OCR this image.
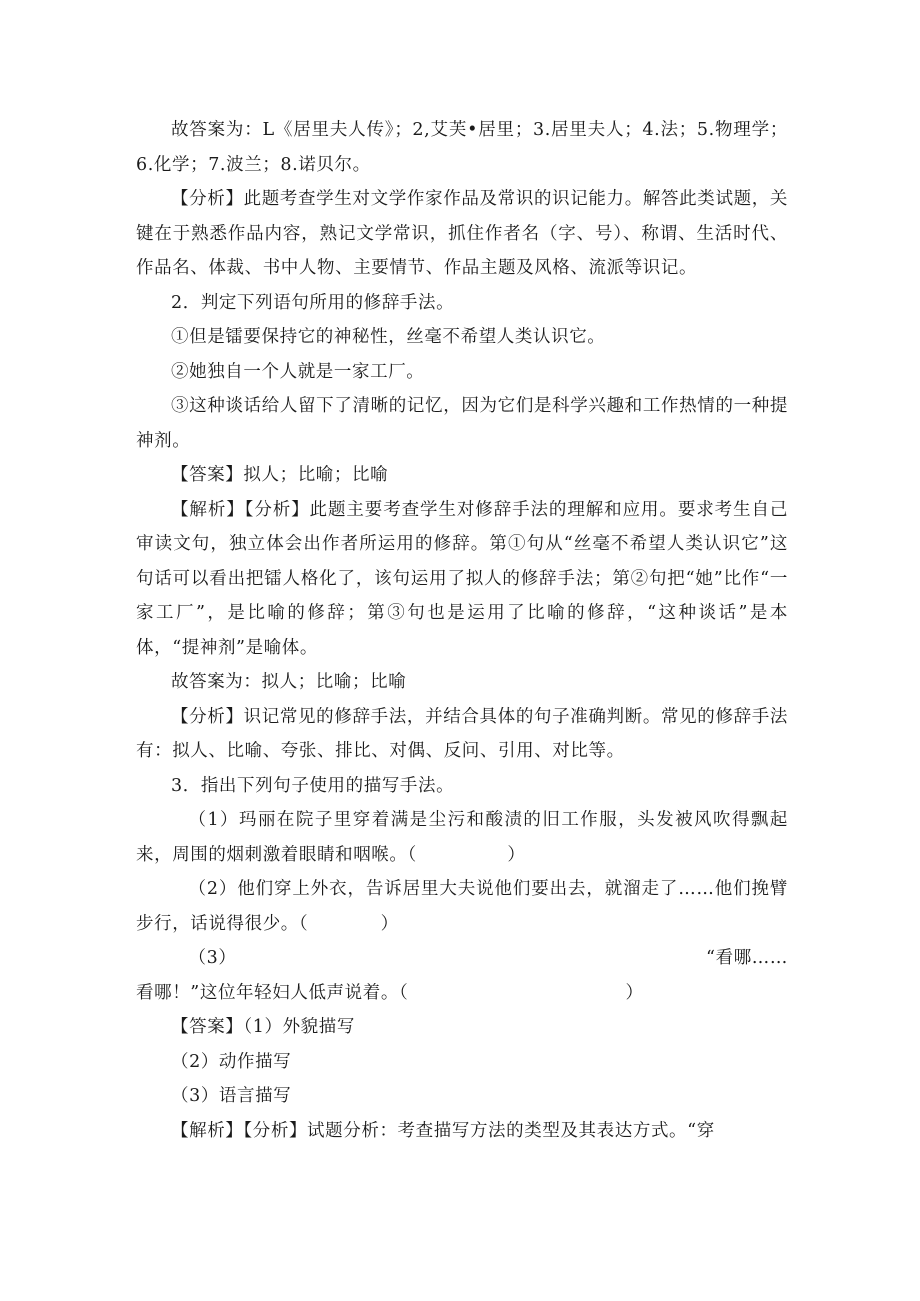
故答案为：L《居里夫人传》；2,艾芙•居里；3.居里夫人；4.法；5.物理学；6.化学；7.波兰；8.诺贝尔。

【分析】此题考查学生对文学作家作品及常识的识记能力。解答此类试题，关键在于熟悉作品内容，熟记文学常识，抓住作者名（字、号）、称谓、生活时代、作品名、体裁、书中人物、主要情节、作品主题及风格、流派等识记。

2．判定下列语句所用的修辞手法。

①但是镭要保持它的神秘性，丝毫不希望人类认识它。

②她独自一个人就是一家工厂。

③这种谈话给人留下了清晰的记忆，因为它们是科学兴趣和工作热情的一种提神剂。

【答案】拟人；比喻；比喻

【解析】【分析】此题主要考查学生对修辞手法的理解和应用。要求考生自己审读文句，独立体会出作者所运用的修辞。第①句从“丝毫不希望人类认识它”这句话可以看出把镭人格化了，该句运用了拟人的修辞手法；第②句把“她”比作“一家工厂”，是比喻的修辞；第③句也是运用了比喻的修辞，“这种谈话”是本体，“提神剂”是喻体。

故答案为：拟人；比喻；比喻

【分析】识记常见的修辞手法，并结合具体的句子准确判断。常见的修辞手法有：拟人、比喻、夸张、排比、对偶、反问、引用、对比等。

3．指出下列句子使用的描写手法。

（1）玛丽在院子里穿着满是尘污和酸渍的旧工作服，头发被风吹得飘起来，周围的烟刺激着眼睛和咽喉。（　　　　　）

（2）他们穿上外衣，告诉居里大夫说他们要出去，就溜走了……他们挽臂步行，话说得很少。（　　　　）

（3）	“看哪……

看哪！”这位年轻妇人低声说着。（　　　　　　　　　　　　）

【答案】（1）外貌描写

（2）动作描写

（3）语言描写

【解析】【分析】试题分析：考查描写方法的类型及其表达方式。“穿
